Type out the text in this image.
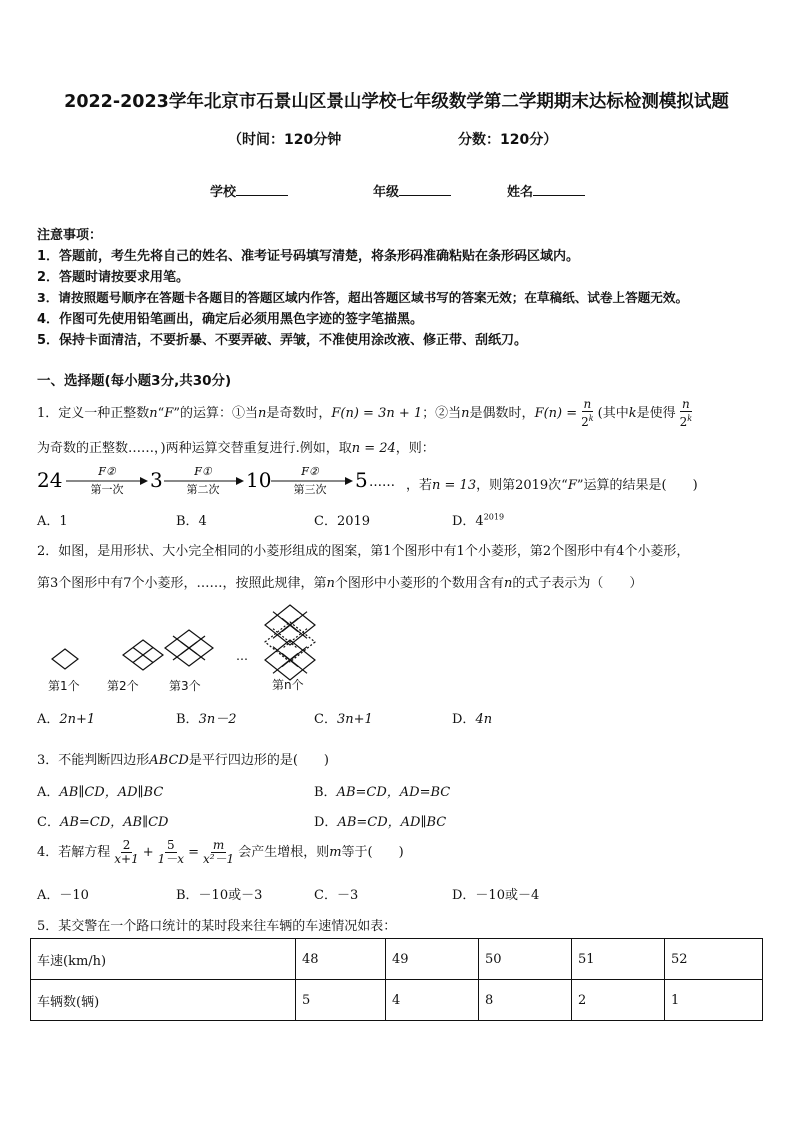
2022-2023学年北京市石景山区景山学校七年级数学第二学期期末达标检测模拟试题
（时间：120分钟	分数：120分）
学校	年级	姓名
注意事项：
1．答题前，考生先将自己的姓名、准考证号码填写清楚，将条形码准确粘贴在条形码区域内。
2．答题时请按要求用笔。
3．请按照题号顺序在答题卡各题目的答题区域内作答，超出答题区域书写的答案无效；在草稿纸、试卷上答题无效。
4．作图可先使用铅笔画出，确定后必须用黑色字迹的签字笔描黑。
5．保持卡面清洁，不要折暴、不要弄破、弄皱，不准使用涂改液、修正带、刮纸刀。
一、选择题(每小题3分,共30分)
1．定义一种正整数n“F”的运算：①当n是奇数时，F(n) = 3n + 1；②当n是偶数时，$F(n) = \frac{n}{2^k}$ (其中k是使得 $\frac{n}{2^k}$
为奇数的正整数……，)两种运算交替重复进行.例如，取n = 24，则：
24	F②
第一次 3	F①
第二次 10	F②
第三次 5 …… ，若n = 13，则第2019次“F”运算的结果是(　　)
A．1	B．4	C．2019	D．$4^{2019}$
2．如图，是用形状、大小完全相同的小菱形组成的图案，第1个图形中有1个小菱形，第2个图形中有4个小菱形，
第3个图形中有7个小菱形，……，按照此规律，第n个图形中小菱形的个数用含有n的式子表示为（　　）
…
第1个 第2个	第3个	第n个
A．2n+1	B．3n－2	C．3n+1	D．4n
3．不能判断四边形ABCD是平行四边形的是(　　)
A．AB∥CD，AD∥BC	B．AB=CD，AD=BC
C．AB=CD，AB∥CD	D．AB=CD，AD∥BC
4．若解方程 $\frac{2}{x+1} + \frac{5}{1-x} = \frac{m}{\text{x²－1}}$ 会产生增根，则m等于(　　)
A．－10	B．－10或－3	C．－3	D．－10或－4
5．某交警在一个路口统计的某时段来往车辆的车速情况如表：
车速(km/h)	48	49	50	51	52
车辆数(辆)	5	4	8	2	1
